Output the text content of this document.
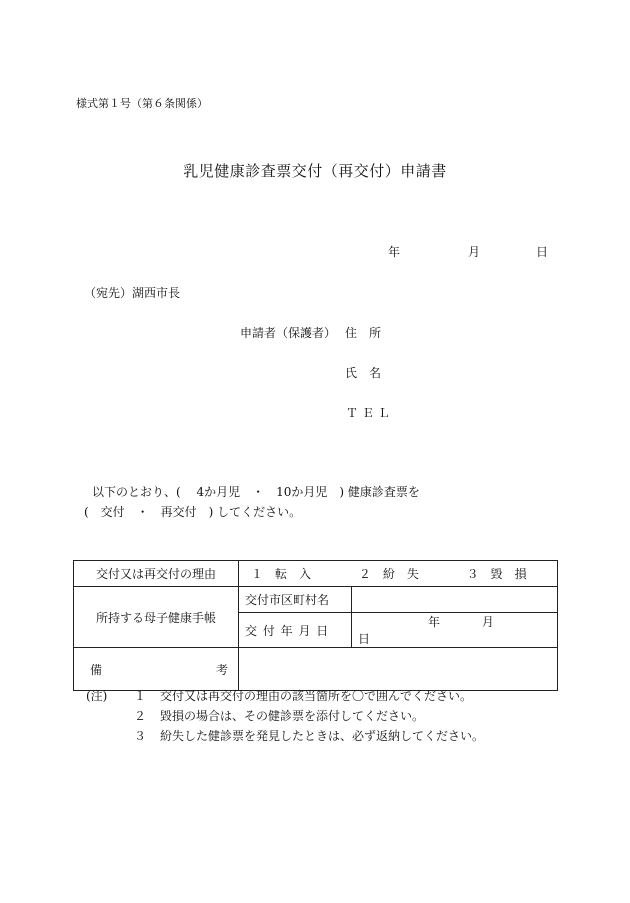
様式第１号（第６条関係）
乳児健康診査票交付（再交付）申請書
年	月	日
（宛先）湖西市長
申請者（保護者） 住　所
氏　名
ＴＥＬ
以下のとおり、(　 4か月児　・　10か月児　) 健康診査票を
(　交付　・　再交付　) してください。
交付又は再交付の理由	１　転　入 ２　紛　失 ３　毀　損	
所持する母子健康手帳	交付市区町村名	
	交 付 年 月 日	年 月 日

備 考		

(注)	１	交付又は再交付の理由の該当箇所を〇で囲んでください。
２	毀損の場合は、その健診票を添付してください。
３	紛失した健診票を発見したときは、必ず返納してください。
